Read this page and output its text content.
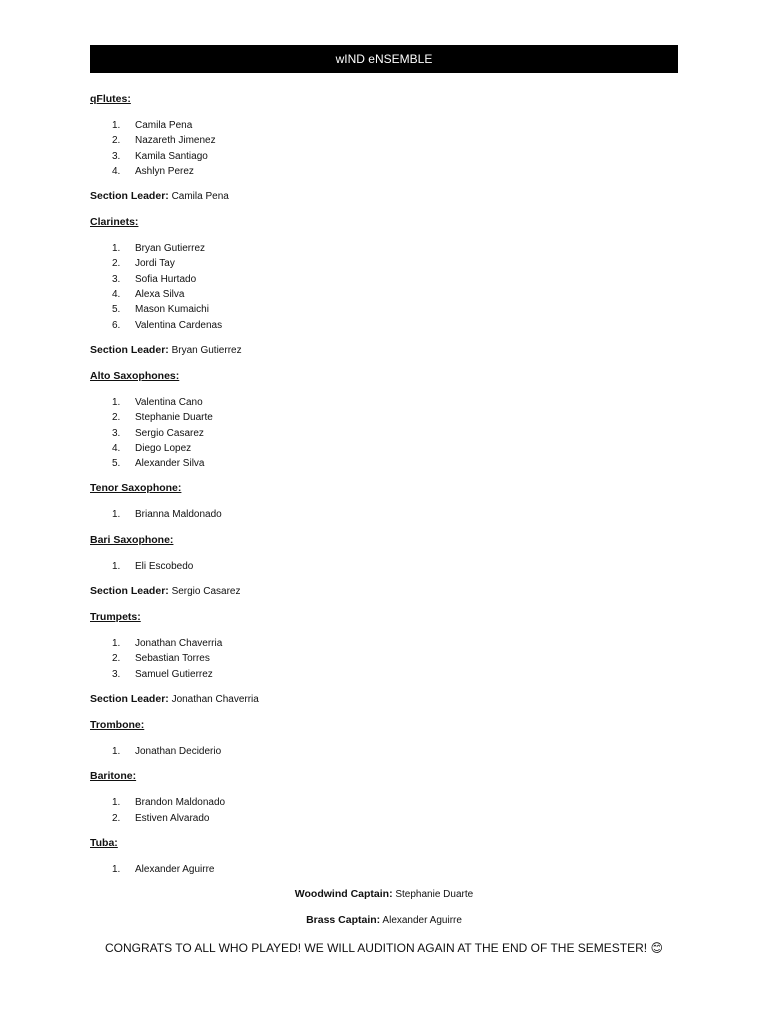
wIND eNSEMBLE
qFlutes:
1.	Camila Pena
2.	Nazareth Jimenez
3.	Kamila Santiago
4.	Ashlyn Perez
Section Leader: Camila Pena
Clarinets:
1.	Bryan Gutierrez
2.	Jordi Tay
3.	Sofia Hurtado
4.	Alexa Silva
5.	Mason Kumaichi
6.	Valentina Cardenas
Section Leader: Bryan Gutierrez
Alto Saxophones:
1.	Valentina Cano
2.	Stephanie Duarte
3.	Sergio Casarez
4.	Diego Lopez
5.	Alexander Silva
Tenor Saxophone:
1.	Brianna Maldonado
Bari Saxophone:
1.	Eli Escobedo
Section Leader: Sergio Casarez
Trumpets:
1.	Jonathan Chaverria
2.	Sebastian Torres
3.	Samuel Gutierrez
Section Leader: Jonathan Chaverria
Trombone:
1.	Jonathan Deciderio
Baritone:
1.	Brandon Maldonado
2.	Estiven Alvarado
Tuba:
1.	Alexander Aguirre
Woodwind Captain: Stephanie Duarte
Brass Captain: Alexander Aguirre
CONGRATS TO ALL WHO PLAYED! WE WILL AUDITION AGAIN AT THE END OF THE SEMESTER! 😊
